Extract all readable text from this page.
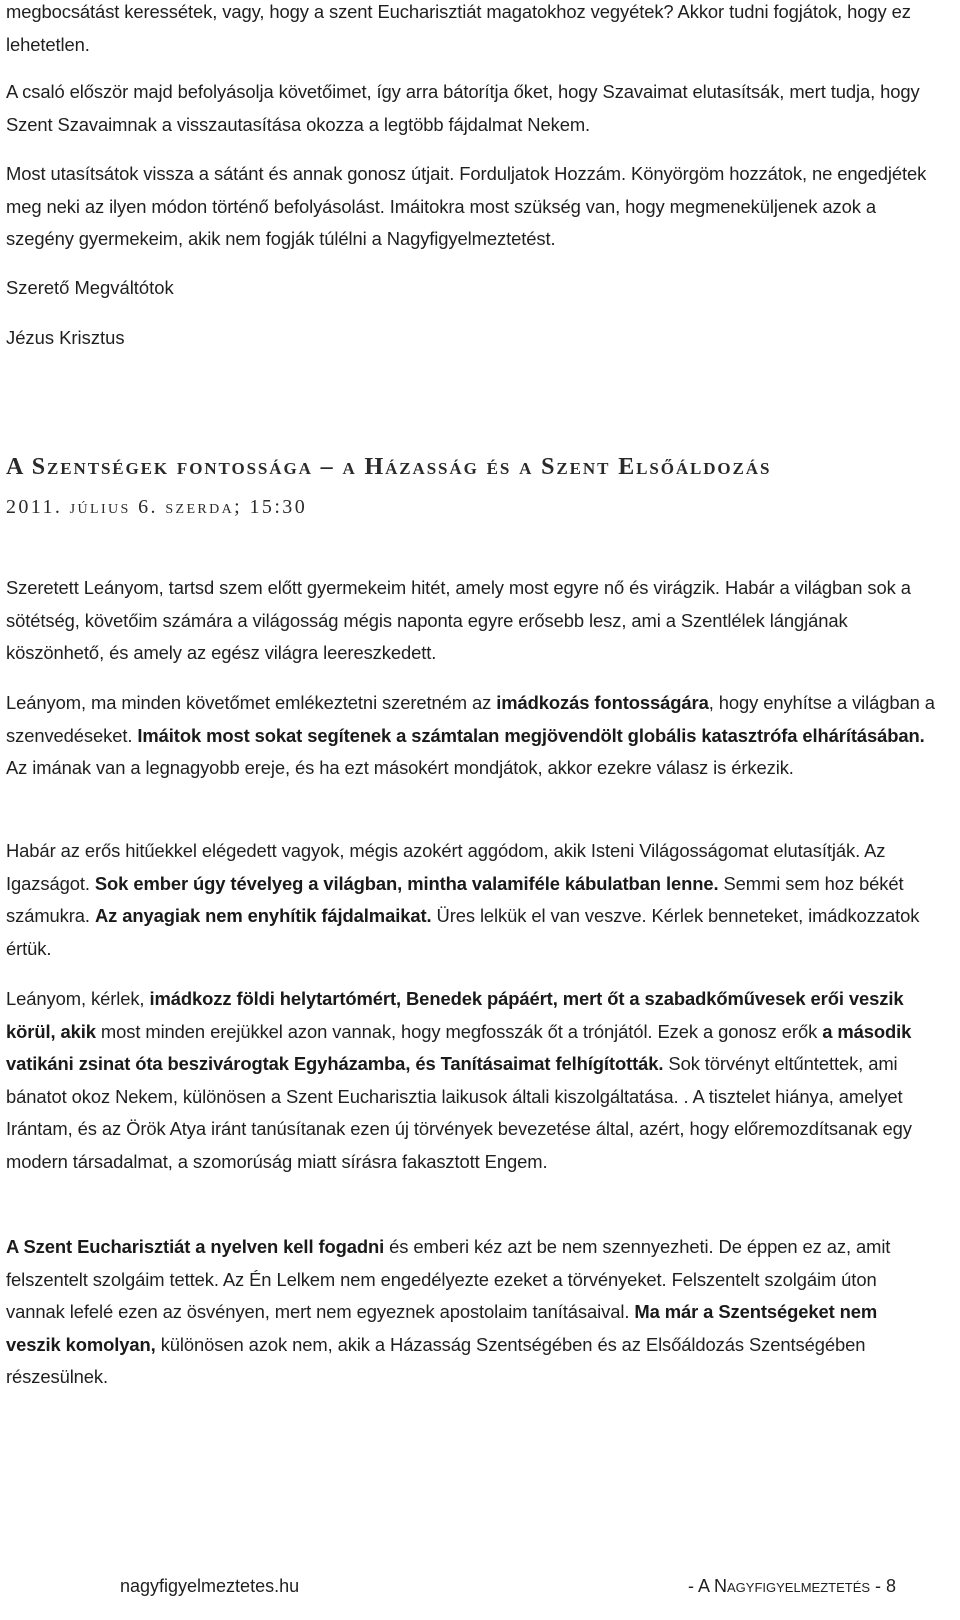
megbocsátást keressétek, vagy, hogy a szent Eucharisztiát magatokhoz vegyétek? Akkor tudni fogjátok, hogy ez lehetetlen.

A csaló először majd befolyásolja követőimet, így arra bátorítja őket, hogy Szavaimat elutasítsák, mert tudja, hogy Szent Szavaimnak a visszautasítása okozza a legtöbb fájdalmat Nekem.

Most utasítsátok vissza a sátánt és annak gonosz útjait. Forduljatok Hozzám. Könyörgöm hozzátok, ne engedjétek meg neki az ilyen módon történő befolyásolást. Imáitokra most szükség van, hogy megmeneküljenek azok a szegény gyermekeim, akik nem fogják túlélni a Nagyfigyelmeztetést.

Szerető Megváltótok

Jézus Krisztus

A Szentségek fontossága – a Házasság és a Szent Elsőáldozás
2011. július 6. szerda; 15:30

Szeretett Leányom, tartsd szem előtt gyermekeim hitét, amely most egyre nő és virágzik. Habár a világban sok a sötétség, követőim számára a világosság mégis naponta egyre erősebb lesz, ami a Szentlélek lángjának köszönhető, és amely az egész világra leereszkedett.

Leányom, ma minden követőmet emlékeztetni szeretném az imádkozás fontosságára, hogy enyhítse a világban a szenvedéseket. Imáitok most sokat segítenek a számtalan megjövendölt globális katasztrófa elhárításában. Az imának van a legnagyobb ereje, és ha ezt másokért mondjátok, akkor ezekre válasz is érkezik.

Habár az erős hitűekkel elégedett vagyok, mégis azokért aggódom, akik Isteni Világosságomat elutasítják. Az Igazságot. Sok ember úgy tévelyeg a világban, mintha valamiféle kábulatban lenne. Semmi sem hoz békét számukra. Az anyagiak nem enyhítik fájdalmaikat. Üres lelkük el van veszve. Kérlek benneteket, imádkozzatok értük.

Leányom, kérlek, imádkozz földi helytartómért, Benedek pápáért, mert őt a szabadkőművesek erői veszik körül, akik most minden erejükkel azon vannak, hogy megfosszák őt a trónjától. Ezek a gonosz erők a második vatikáni zsinat óta beszivárogtak Egyházamba, és Tanításaimat felhígították. Sok törvényt eltűntettek, ami bánatot okoz Nekem, különösen a Szent Eucharisztia laikusok általi kiszolgáltatása. . A tisztelet hiánya, amelyet Irántam, és az Örök Atya iránt tanúsítanak ezen új törvények bevezetése által, azért, hogy előremozdítsanak egy modern társadalmat, a szomorúság miatt sírásra fakasztott Engem.

A Szent Eucharisztiát a nyelven kell fogadni és emberi kéz azt be nem szennyezheti. De éppen ez az, amit felszentelt szolgáim tettek. Az Én Lelkem nem engedélyezte ezeket a törvényeket. Felszentelt szolgáim úton vannak lefelé ezen az ösvényen, mert nem egyeznek apostolaim tanításaival. Ma már a Szentségeket nem veszik komolyan, különösen azok nem, akik a Házasság Szentségében és az Elsőáldozás Szentségében részesülnek.

nagyfigyelmeztetes.hu	- A Nagyfigyelmeztetés - 8
